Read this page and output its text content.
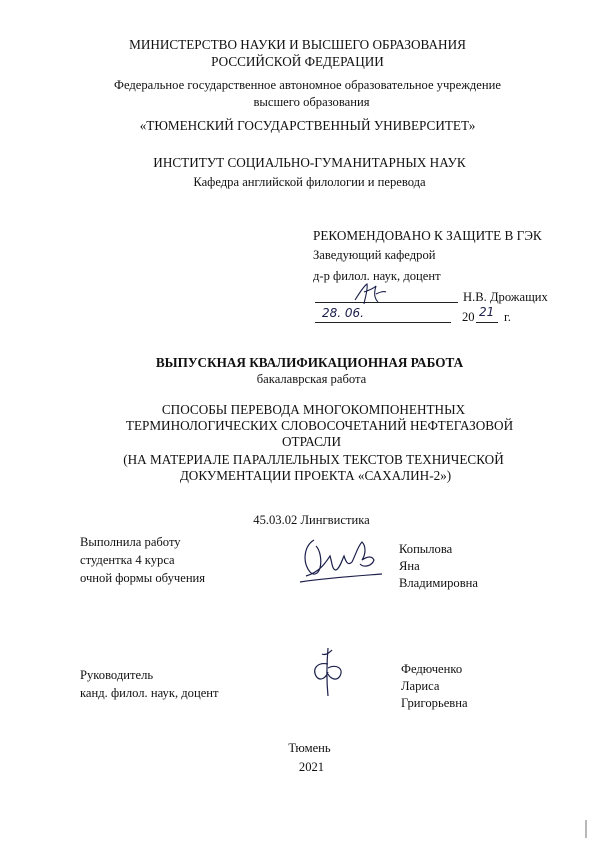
МИНИСТЕРСТВО НАУКИ И ВЫСШЕГО ОБРАЗОВАНИЯ
РОССИЙСКОЙ ФЕДЕРАЦИИ
Федеральное государственное автономное образовательное учреждение
высшего образования
«ТЮМЕНСКИЙ ГОСУДАРСТВЕННЫЙ УНИВЕРСИТЕТ»
ИНСТИТУТ СОЦИАЛЬНО-ГУМАНИТАРНЫХ НАУК
Кафедра английской филологии и перевода
РЕКОМЕНДОВАНО К ЗАЩИТЕ В ГЭК
Заведующий кафедрой
д-р филол. наук, доцент
Н.В. Дрожащих
28. 06.	20 21 г.
ВЫПУСКНАЯ КВАЛИФИКАЦИОННАЯ РАБОТА
бакалаврская работа
СПОСОБЫ ПЕРЕВОДА МНОГОКОМПОНЕНТНЫХ
ТЕРМИНОЛОГИЧЕСКИХ СЛОВОСОЧЕТАНИЙ НЕФТЕГАЗОВОЙ
ОТРАСЛИ
(НА МАТЕРИАЛЕ ПАРАЛЛЕЛЬНЫХ ТЕКСТОВ ТЕХНИЧЕСКОЙ
ДОКУМЕНТАЦИИ ПРОЕКТА «САХАЛИН-2»)
45.03.02 Лингвистика
Выполнила работу
студентка 4 курса
очной формы обучения
Копылова
Яна
Владимировна
Руководитель
канд. филол. наук, доцент
Федюченко
Лариса
Григорьевна
Тюмень
2021
